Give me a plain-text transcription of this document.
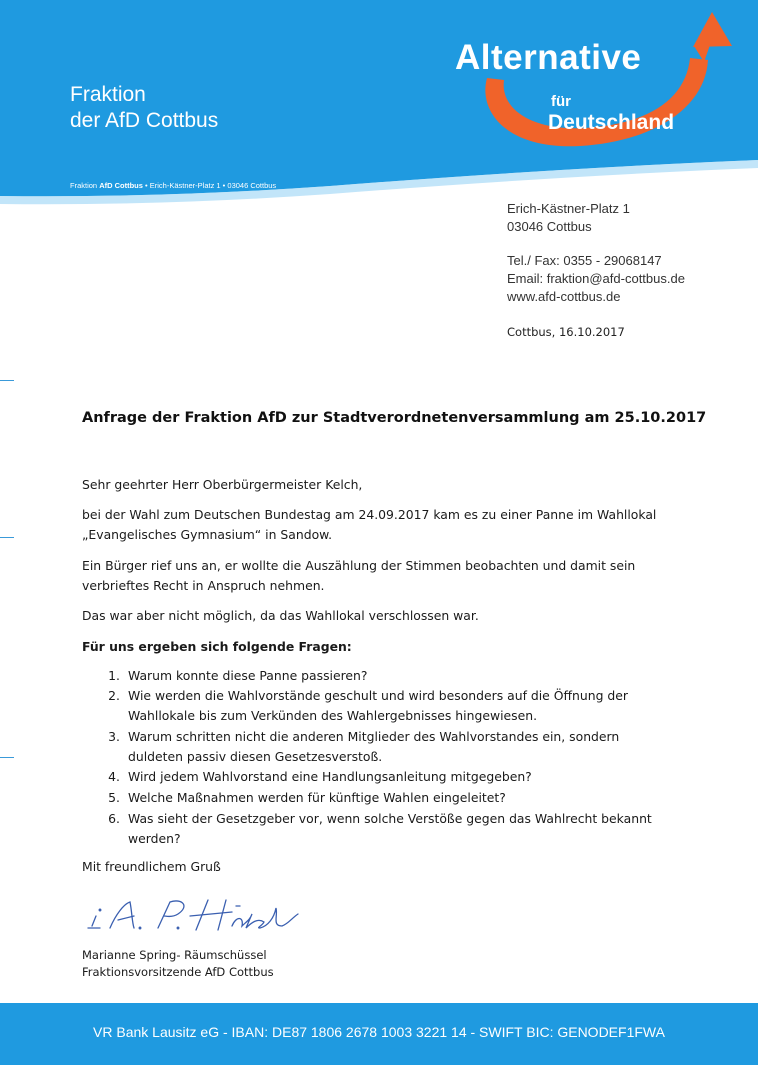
Fraktion
der AfD Cottbus
Fraktion AfD Cottbus • Erich-Kästner-Platz 1 • 03046 Cottbus
Alternative
für
Deutschland
Erich-Kästner-Platz 1
03046 Cottbus
Tel./ Fax: 0355 - 29068147
Email: fraktion@afd-cottbus.de
www.afd-cottbus.de
Cottbus, 16.10.2017
Anfrage der Fraktion AfD zur Stadtverordnetenversammlung am 25.10.2017
Sehr geehrter Herr Oberbürgermeister Kelch,
bei der Wahl zum Deutschen Bundestag am 24.09.2017 kam es zu einer Panne im Wahllokal
„Evangelisches Gymnasium“ in Sandow.
Ein Bürger rief uns an, er wollte die Auszählung der Stimmen beobachten und damit sein
verbrieftes Recht in Anspruch nehmen.
Das war aber nicht möglich, da das Wahllokal verschlossen war.
Für uns ergeben sich folgende Fragen:
1. Warum konnte diese Panne passieren?
2. Wie werden die Wahlvorstände geschult und wird besonders auf die Öffnung der
Wahllokale bis zum Verkünden des Wahlergebnisses hingewiesen.
3. Warum schritten nicht die anderen Mitglieder des Wahlvorstandes ein, sondern
duldeten passiv diesen Gesetzesverstoß.
4. Wird jedem Wahlvorstand eine Handlungsanleitung mitgegeben?
5. Welche Maßnahmen werden für künftige Wahlen eingeleitet?
6. Was sieht der Gesetzgeber vor, wenn solche Verstöße gegen das Wahlrecht bekannt
werden?
Mit freundlichem Gruß
Marianne Spring- Räumschüssel
Fraktionsvorsitzende AfD Cottbus
VR Bank Lausitz eG - IBAN: DE87 1806 2678 1003 3221 14 - SWIFT BIC: GENODEF1FWA
